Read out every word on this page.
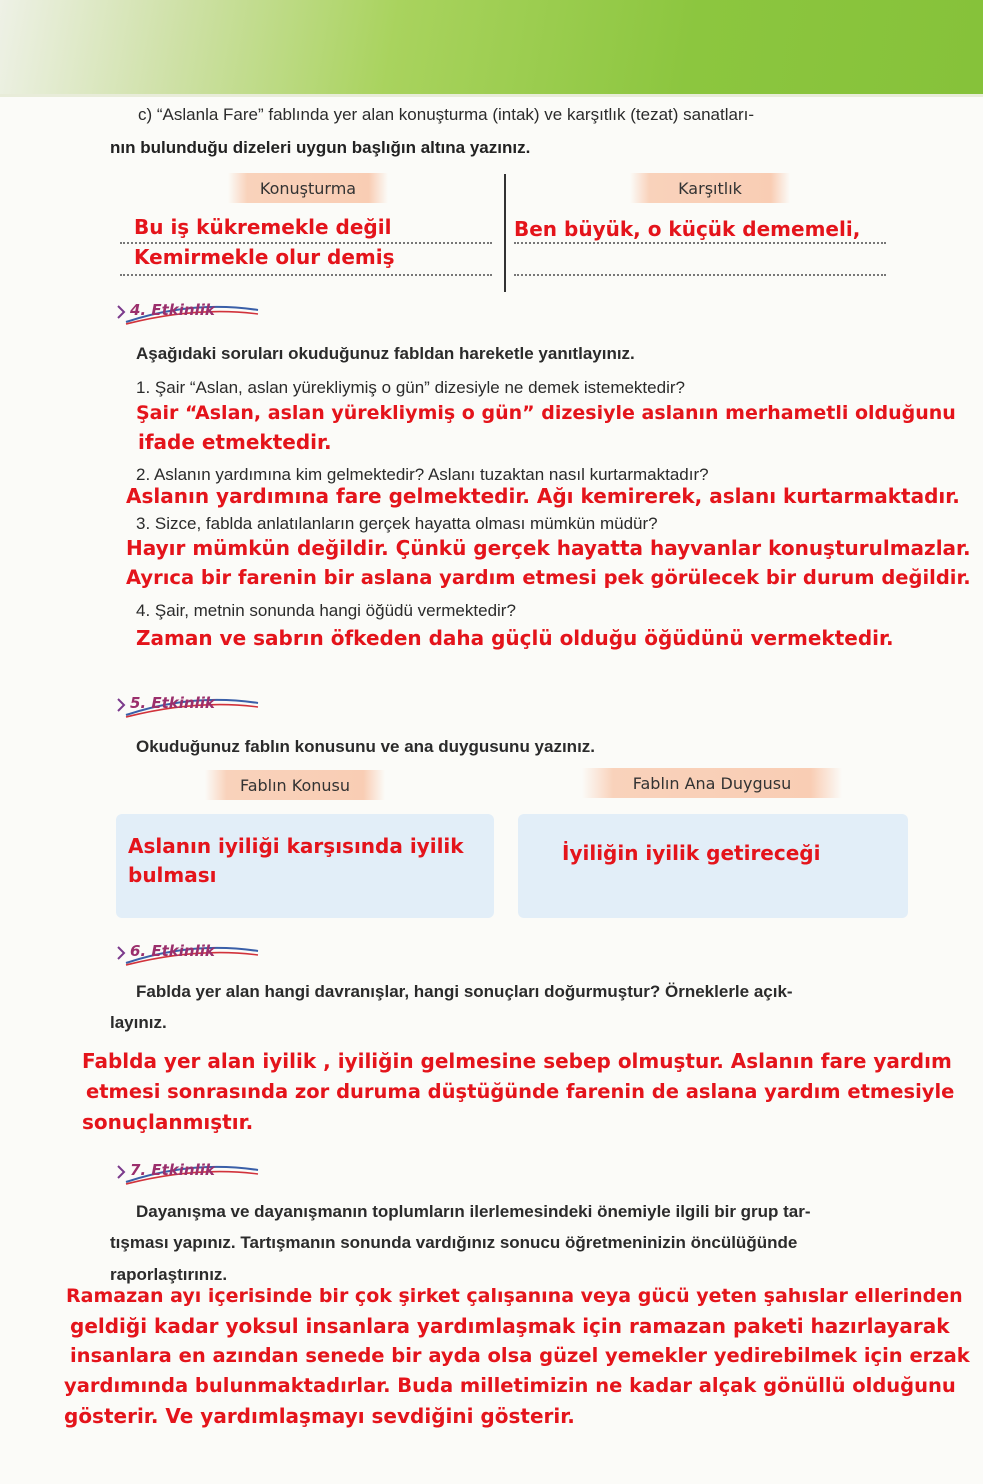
c) “Aslanla Fare” fablında yer alan konuşturma (intak) ve karşıtlık (tezat) sanatları-
nın bulunduğu dizeleri uygun başlığın altına yazınız.
Konuşturma	Karşıtlık
Bu iş kükremekle değil
Kemirmekle olur demiş
Ben büyük, o küçük dememeli,
4. Etkinlik
Aşağıdaki soruları okuduğunuz fabldan hareketle yanıtlayınız.
1. Şair “Aslan, aslan yürekliymiş o gün” dizesiyle ne demek istemektedir?
Şair “Aslan, aslan yürekliymiş o gün” dizesiyle aslanın merhametli olduğunu
ifade etmektedir.
2. Aslanın yardımına kim gelmektedir? Aslanı tuzaktan nasıl kurtarmaktadır?
Aslanın yardımına fare gelmektedir. Ağı kemirerek, aslanı kurtarmaktadır.
3. Sizce, fablda anlatılanların gerçek hayatta olması mümkün müdür?
Hayır mümkün değildir. Çünkü gerçek hayatta hayvanlar konuşturulmazlar.
Ayrıca bir farenin bir aslana yardım etmesi pek görülecek bir durum değildir.
4. Şair, metnin sonunda hangi öğüdü vermektedir?
Zaman ve sabrın öfkeden daha güçlü olduğu öğüdünü vermektedir.
5. Etkinlik
Okuduğunuz fablın konusunu ve ana duygusunu yazınız.
Fablın Konusu	Fablın Ana Duygusu
Aslanın iyiliği karşısında iyilik
bulması
İyiliğin iyilik getireceği
6. Etkinlik
Fablda yer alan hangi davranışlar, hangi sonuçları doğurmuştur? Örneklerle açık-
layınız.
Fablda yer alan iyilik , iyiliğin gelmesine sebep olmuştur. Aslanın fare yardım
etmesi sonrasında zor duruma düştüğünde farenin de aslana yardım etmesiyle
sonuçlanmıştır.
7. Etkinlik
Dayanışma ve dayanışmanın toplumların ilerlemesindeki önemiyle ilgili bir grup tar-
tışması yapınız. Tartışmanın sonunda vardığınız sonucu öğretmeninizin öncülüğünde
raporlaştırınız.
Ramazan ayı içerisinde bir çok şirket çalışanına veya gücü yeten şahıslar ellerinden
geldiği kadar yoksul insanlara yardımlaşmak için ramazan paketi hazırlayarak
insanlara en azından senede bir ayda olsa güzel yemekler yedirebilmek için erzak
yardımında bulunmaktadırlar. Buda milletimizin ne kadar alçak gönüllü olduğunu
gösterir. Ve yardımlaşmayı sevdiğini gösterir.
